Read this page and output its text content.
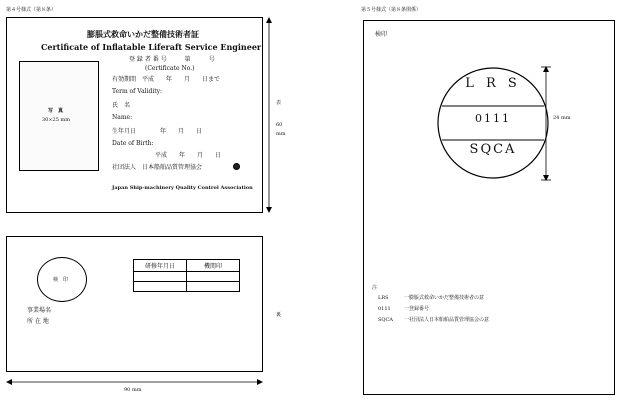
第４号様式（第８条）
膨脹式救命いかだ整備技術者証
Certificate of Inflatable Liferaft Service Engineer
登 録 者 番 号　　　第　　　号
(Certificate No.)
写　真
30×25 mm
有効期間　平成　　年　　月　　日まで
Term of Validity:
氏　名
Name:
生年月日　　　　年　　月　　日
Date of Birth:
平成　　年　　月　　日
社団法人　日本船舶品質管理協会
Japan Ship-machinery Quality Control Association
表
60
mm
検　印
研修年月日	機関印

事業場名
所 在 地
裏
90 mm
第５号様式（第８条関係）
検印
L R S
0111
SQCA
24 mm
注
LRS	一膨脹式救命いかだ整備技術者の意
0111	一登録番号
SQCA 一社団法人日本船舶品質管理協会の意
